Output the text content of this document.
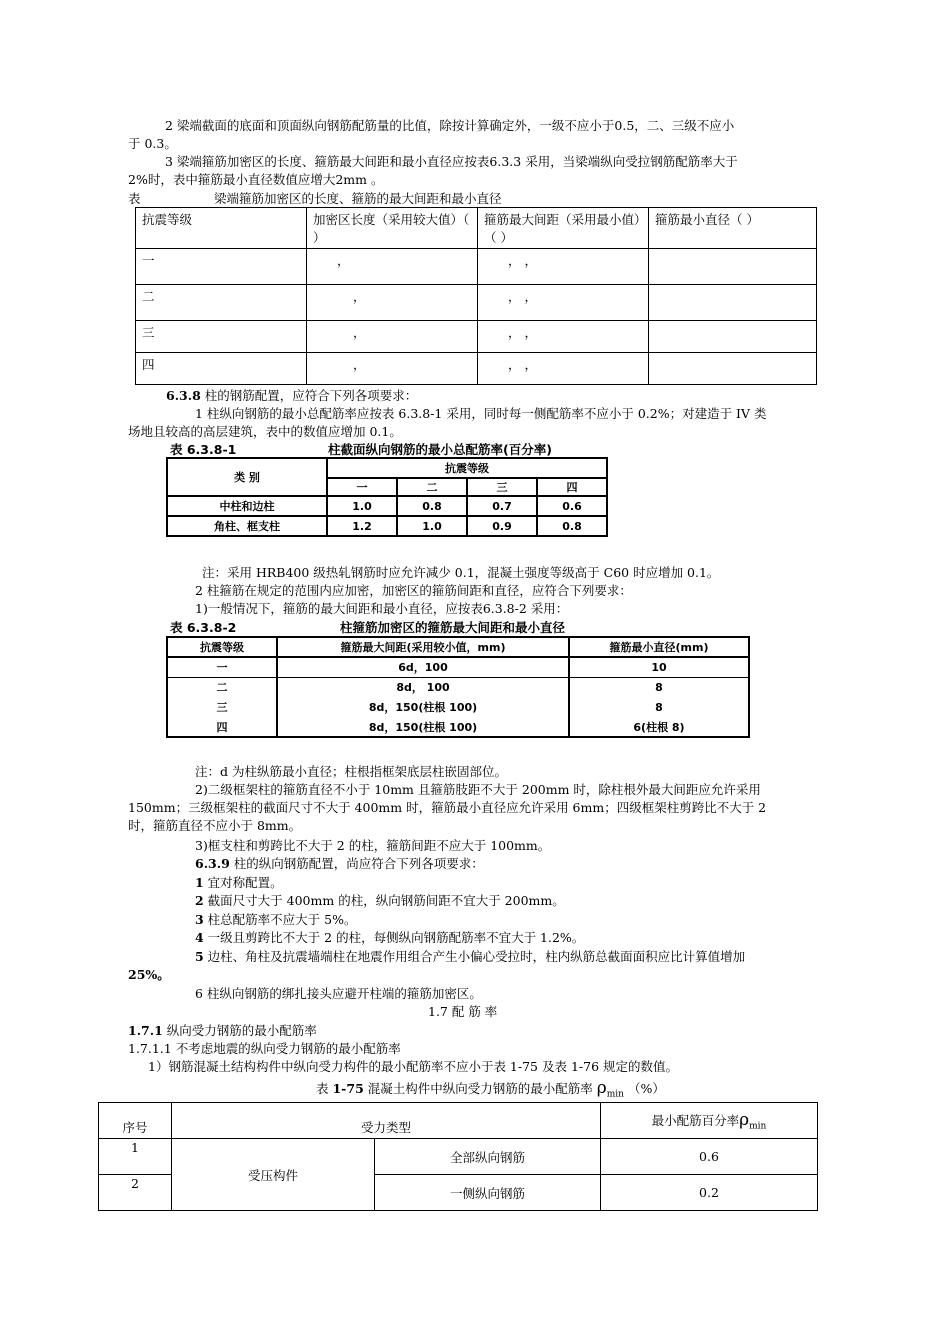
2 梁端截面的底面和顶面纵向钢筋配筋量的比值，除按计算确定外，一级不应小于0.5，二、三级不应小
于 0.3。
3 梁端箍筋加密区的长度、箍筋最大间距和最小直径应按表6.3.3 采用，当梁端纵向受拉钢筋配筋率大于
2%时，表中箍筋最小直径数值应增大2mm 。
表	梁端箍筋加密区的长度、箍筋的最大间距和最小直径
抗震等级	加密区长度（采用较大值）（ ）	箍筋最大间距（采用最小值）（ ）	箍筋最小直径（ ）
一	，	， ，	
二	，	， ，	
三	，	， ，	
四	，	， ，	
6.3.8 柱的钢筋配置，应符合下列各项要求：
1 柱纵向钢筋的最小总配筋率应按表 6.3.8-1 采用，同时每一侧配筋率不应小于 0.2%；对建造于 IV 类
场地且较高的高层建筑，表中的数值应增加 0.1。
表 6.3.8-1	柱截面纵向钢筋的最小总配筋率(百分率)
类 别	抗震等级			
	一	二	三	四
中柱和边柱	1.0	0.8	0.7	0.6
角柱、框支柱	1.2	1.0	0.9	0.8
注：采用 HRB400 级热轧钢筋时应允许减少 0.1，混凝土强度等级高于 C60 时应增加 0.1。
2 柱箍筋在规定的范围内应加密，加密区的箍筋间距和直径，应符合下列要求：
1)一般情况下，箍筋的最大间距和最小直径，应按表6.3.8-2 采用：
表 6.3.8-2	柱箍筋加密区的箍筋最大间距和最小直径
抗震等级	箍筋最大间距(采用较小值，mm)	箍筋最小直径(mm)
一	6d，100	10
二	8d， 100	8
三	8d，150(柱根 100)	8
四	8d，150(柱根 100)	6(柱根 8)
注：d 为柱纵筋最小直径；柱根指框架底层柱嵌固部位。
2)二级框架柱的箍筋直径不小于 10mm 且箍筋肢距不大于 200mm 时，除柱根外最大间距应允许采用
150mm；三级框架柱的截面尺寸不大于 400mm 时，箍筋最小直径应允许采用 6mm；四级框架柱剪跨比不大于 2
时，箍筋直径不应小于 8mm。
3)框支柱和剪跨比不大于 2 的柱，箍筋间距不应大于 100mm。
6.3.9 柱的纵向钢筋配置，尚应符合下列各项要求：
1 宜对称配置。
2 截面尺寸大于 400mm 的柱，纵向钢筋间距不宜大于 200mm。
3 柱总配筋率不应大于 5%。
4 一级且剪跨比不大于 2 的柱，每侧纵向钢筋配筋率不宜大于 1.2%。
5 边柱、角柱及抗震墙端柱在地震作用组合产生小偏心受拉时，柱内纵筋总截面面积应比计算值增加
25%。
6 柱纵向钢筋的绑扎接头应避开柱端的箍筋加密区。
1.7 配 筋 率
1.7.1 纵向受力钢筋的最小配筋率
1.7.1.1 不考虑地震的纵向受力钢筋的最小配筋率
1）钢筋混凝土结构构件中纵向受力构件的最小配筋率不应小于表 1-75 及表 1-76 规定的数值。
表 1-75 混凝土构件中纵向受力钢筋的最小配筋率 $\rho_{min}$ （%）
序号	受力类型		最小配筋百分率$\rho_{min}$
1	受压构件	全部纵向钢筋	0.6
2		一侧纵向钢筋	0.2
